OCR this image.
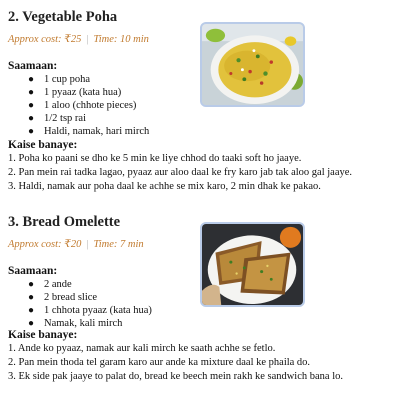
2. Vegetable Poha
Approx cost: ₹25 | Time: 10 min
Saamaan:
● 1 cup poha
● 1 pyaaz (kata hua)
● 1 aloo (chhote pieces)
● 1/2 tsp rai
● Haldi, namak, hari mirch
Kaise banaye:
1. Poha ko paani se dho ke 5 min ke liye chhod do taaki soft ho jaaye.
2. Pan mein rai tadka lagao, pyaaz aur aloo daal ke fry karo jab tak aloo gal jaaye.
3. Haldi, namak aur poha daal ke achhe se mix karo, 2 min dhak ke pakao.
3. Bread Omelette
Approx cost: ₹20 | Time: 7 min
Saamaan:
● 2 ande
● 2 bread slice
● 1 chhota pyaaz (kata hua)
● Namak, kali mirch
Kaise banaye:
1. Ande ko pyaaz, namak aur kali mirch ke saath achhe se fetlo.
2. Pan mein thoda tel garam karo aur ande ka mixture daal ke phaila do.
3. Ek side pak jaaye to palat do, bread ke beech mein rakh ke sandwich bana lo.
